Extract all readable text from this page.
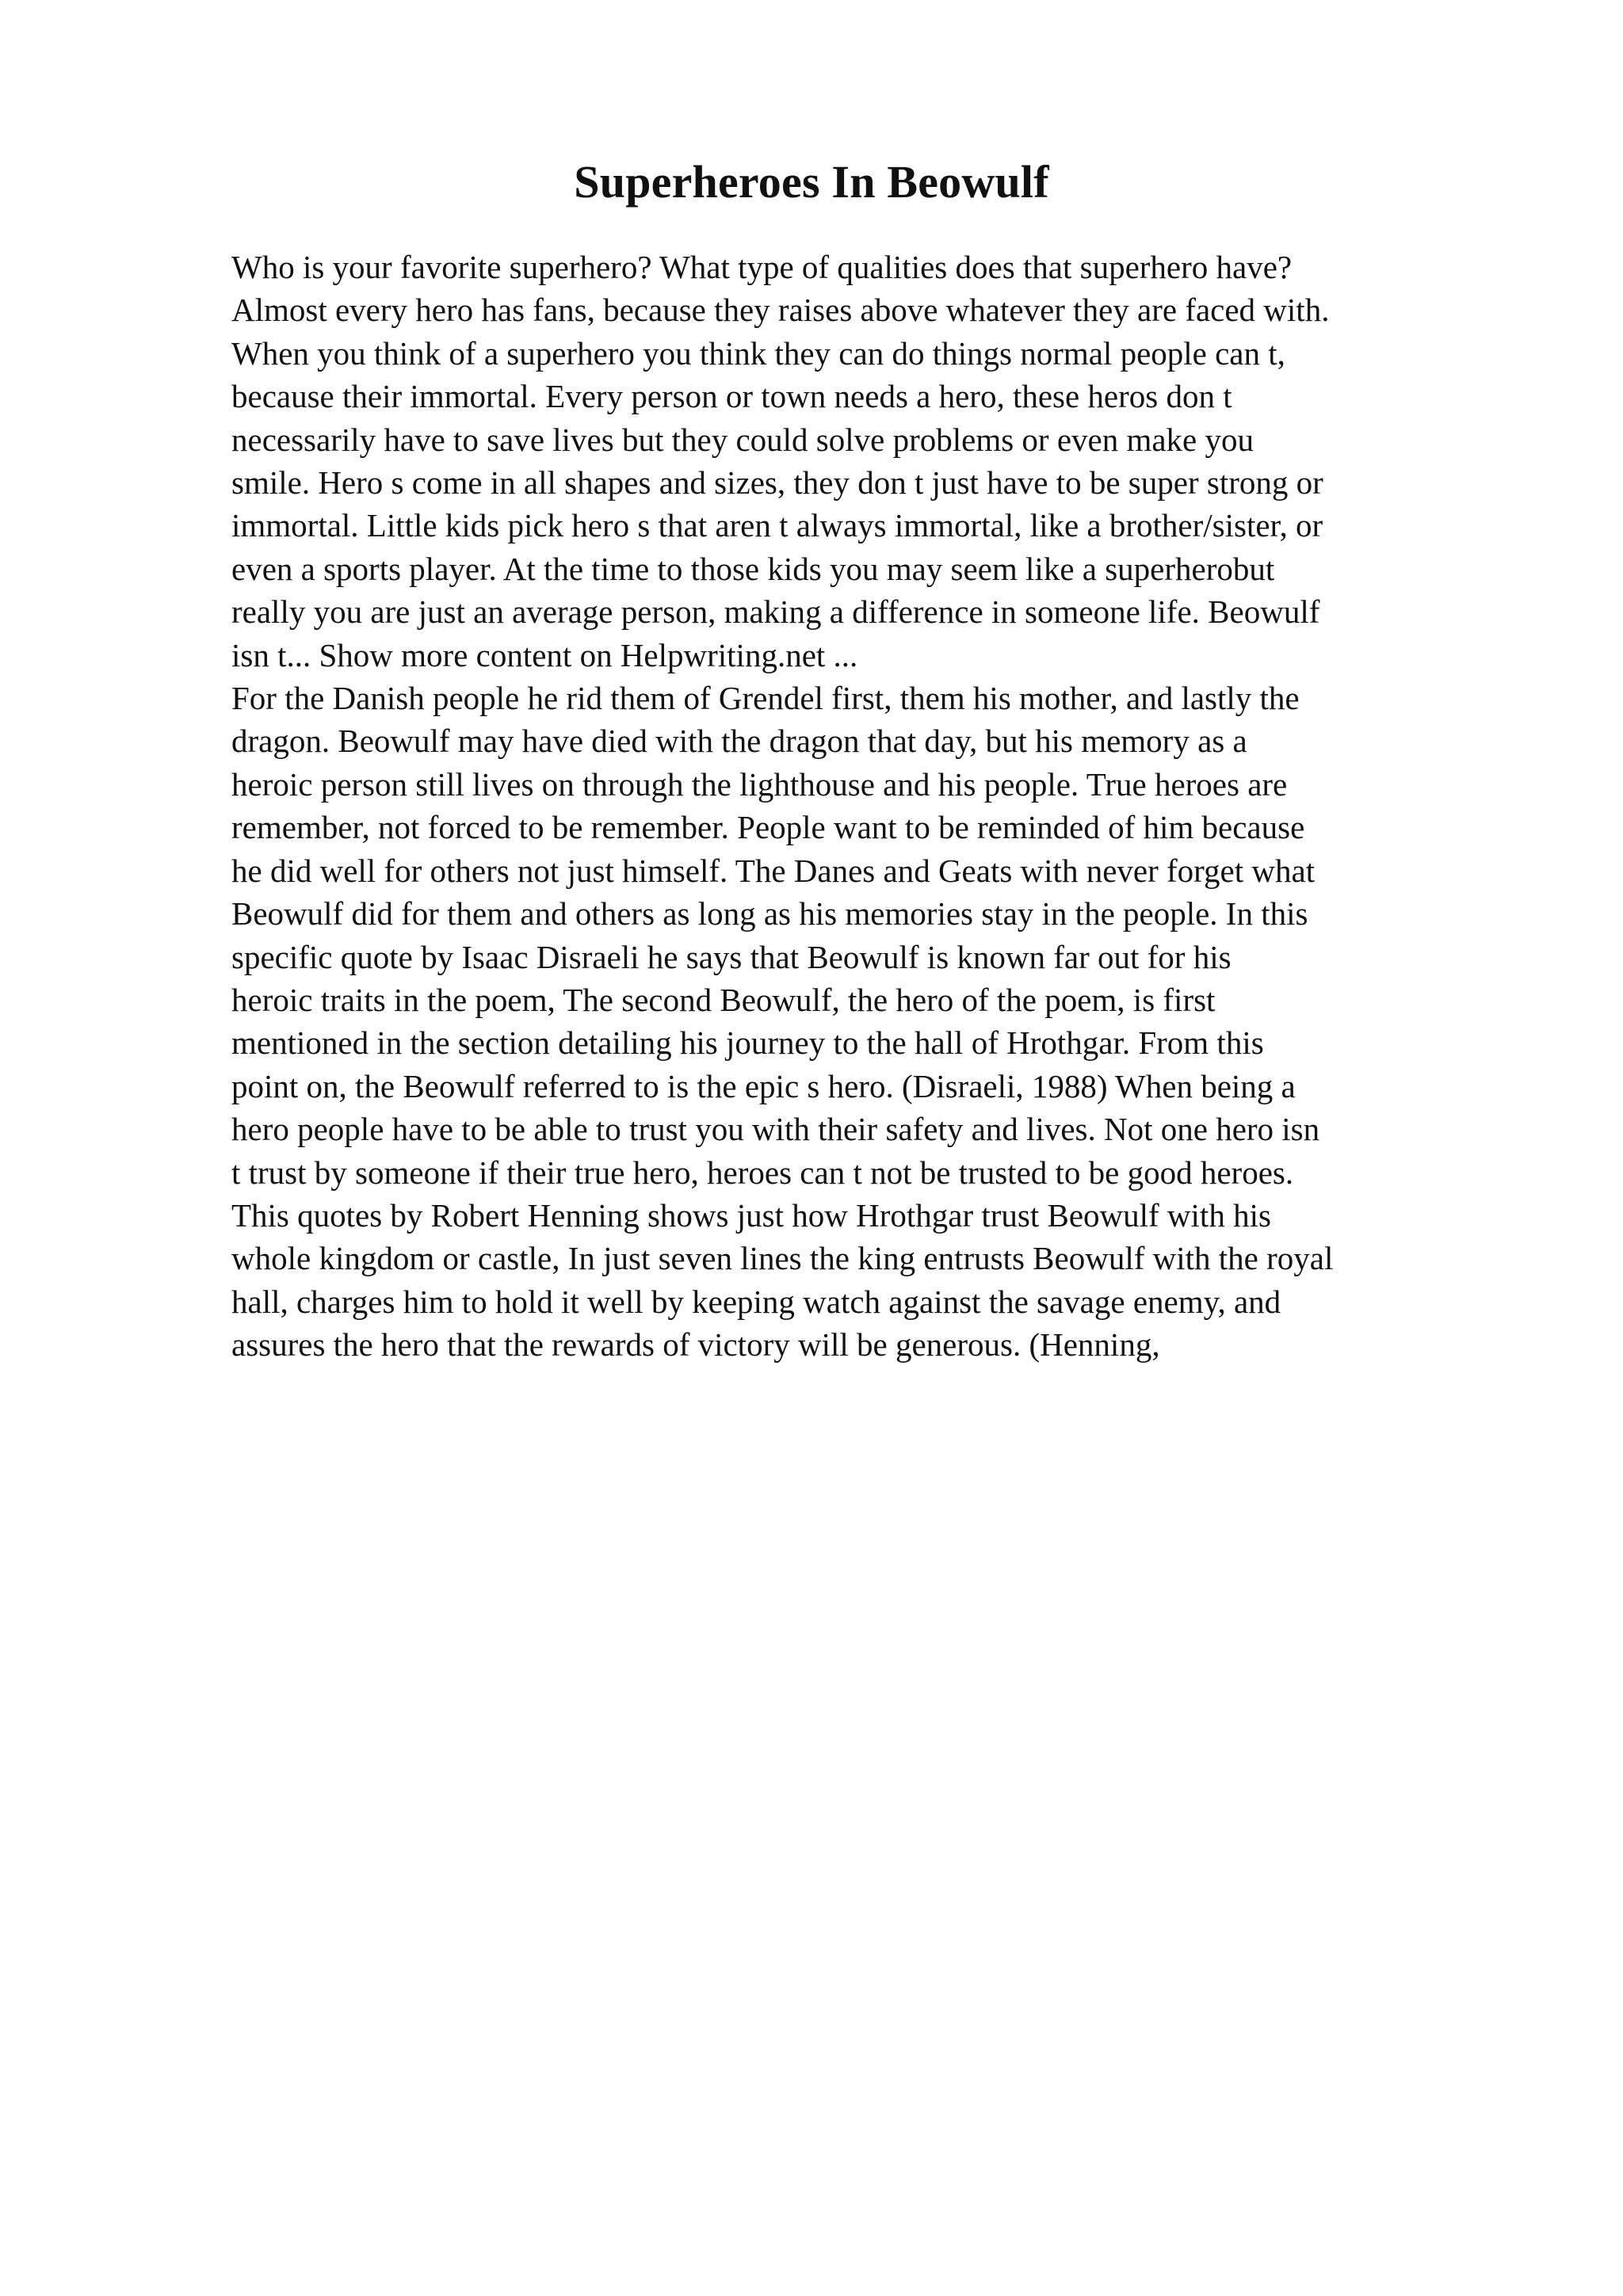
Superheroes In Beowulf
Who is your favorite superhero? What type of qualities does that superhero have?
Almost every hero has fans, because they raises above whatever they are faced with.
When you think of a superhero you think they can do things normal people can t,
because their immortal. Every person or town needs a hero, these heros don t
necessarily have to save lives but they could solve problems or even make you
smile. Hero s come in all shapes and sizes, they don t just have to be super strong or
immortal. Little kids pick hero s that aren t always immortal, like a brother/sister, or
even a sports player. At the time to those kids you may seem like a superherobut
really you are just an average person, making a difference in someone life. Beowulf
isn t... Show more content on Helpwriting.net ...
For the Danish people he rid them of Grendel first, them his mother, and lastly the
dragon. Beowulf may have died with the dragon that day, but his memory as a
heroic person still lives on through the lighthouse and his people. True heroes are
remember, not forced to be remember. People want to be reminded of him because
he did well for others not just himself. The Danes and Geats with never forget what
Beowulf did for them and others as long as his memories stay in the people. In this
specific quote by Isaac Disraeli he says that Beowulf is known far out for his
heroic traits in the poem, The second Beowulf, the hero of the poem, is first
mentioned in the section detailing his journey to the hall of Hrothgar. From this
point on, the Beowulf referred to is the epic s hero. (Disraeli, 1988) When being a
hero people have to be able to trust you with their safety and lives. Not one hero isn
t trust by someone if their true hero, heroes can t not be trusted to be good heroes.
This quotes by Robert Henning shows just how Hrothgar trust Beowulf with his
whole kingdom or castle, In just seven lines the king entrusts Beowulf with the royal
hall, charges him to hold it well by keeping watch against the savage enemy, and
assures the hero that the rewards of victory will be generous. (Henning,
